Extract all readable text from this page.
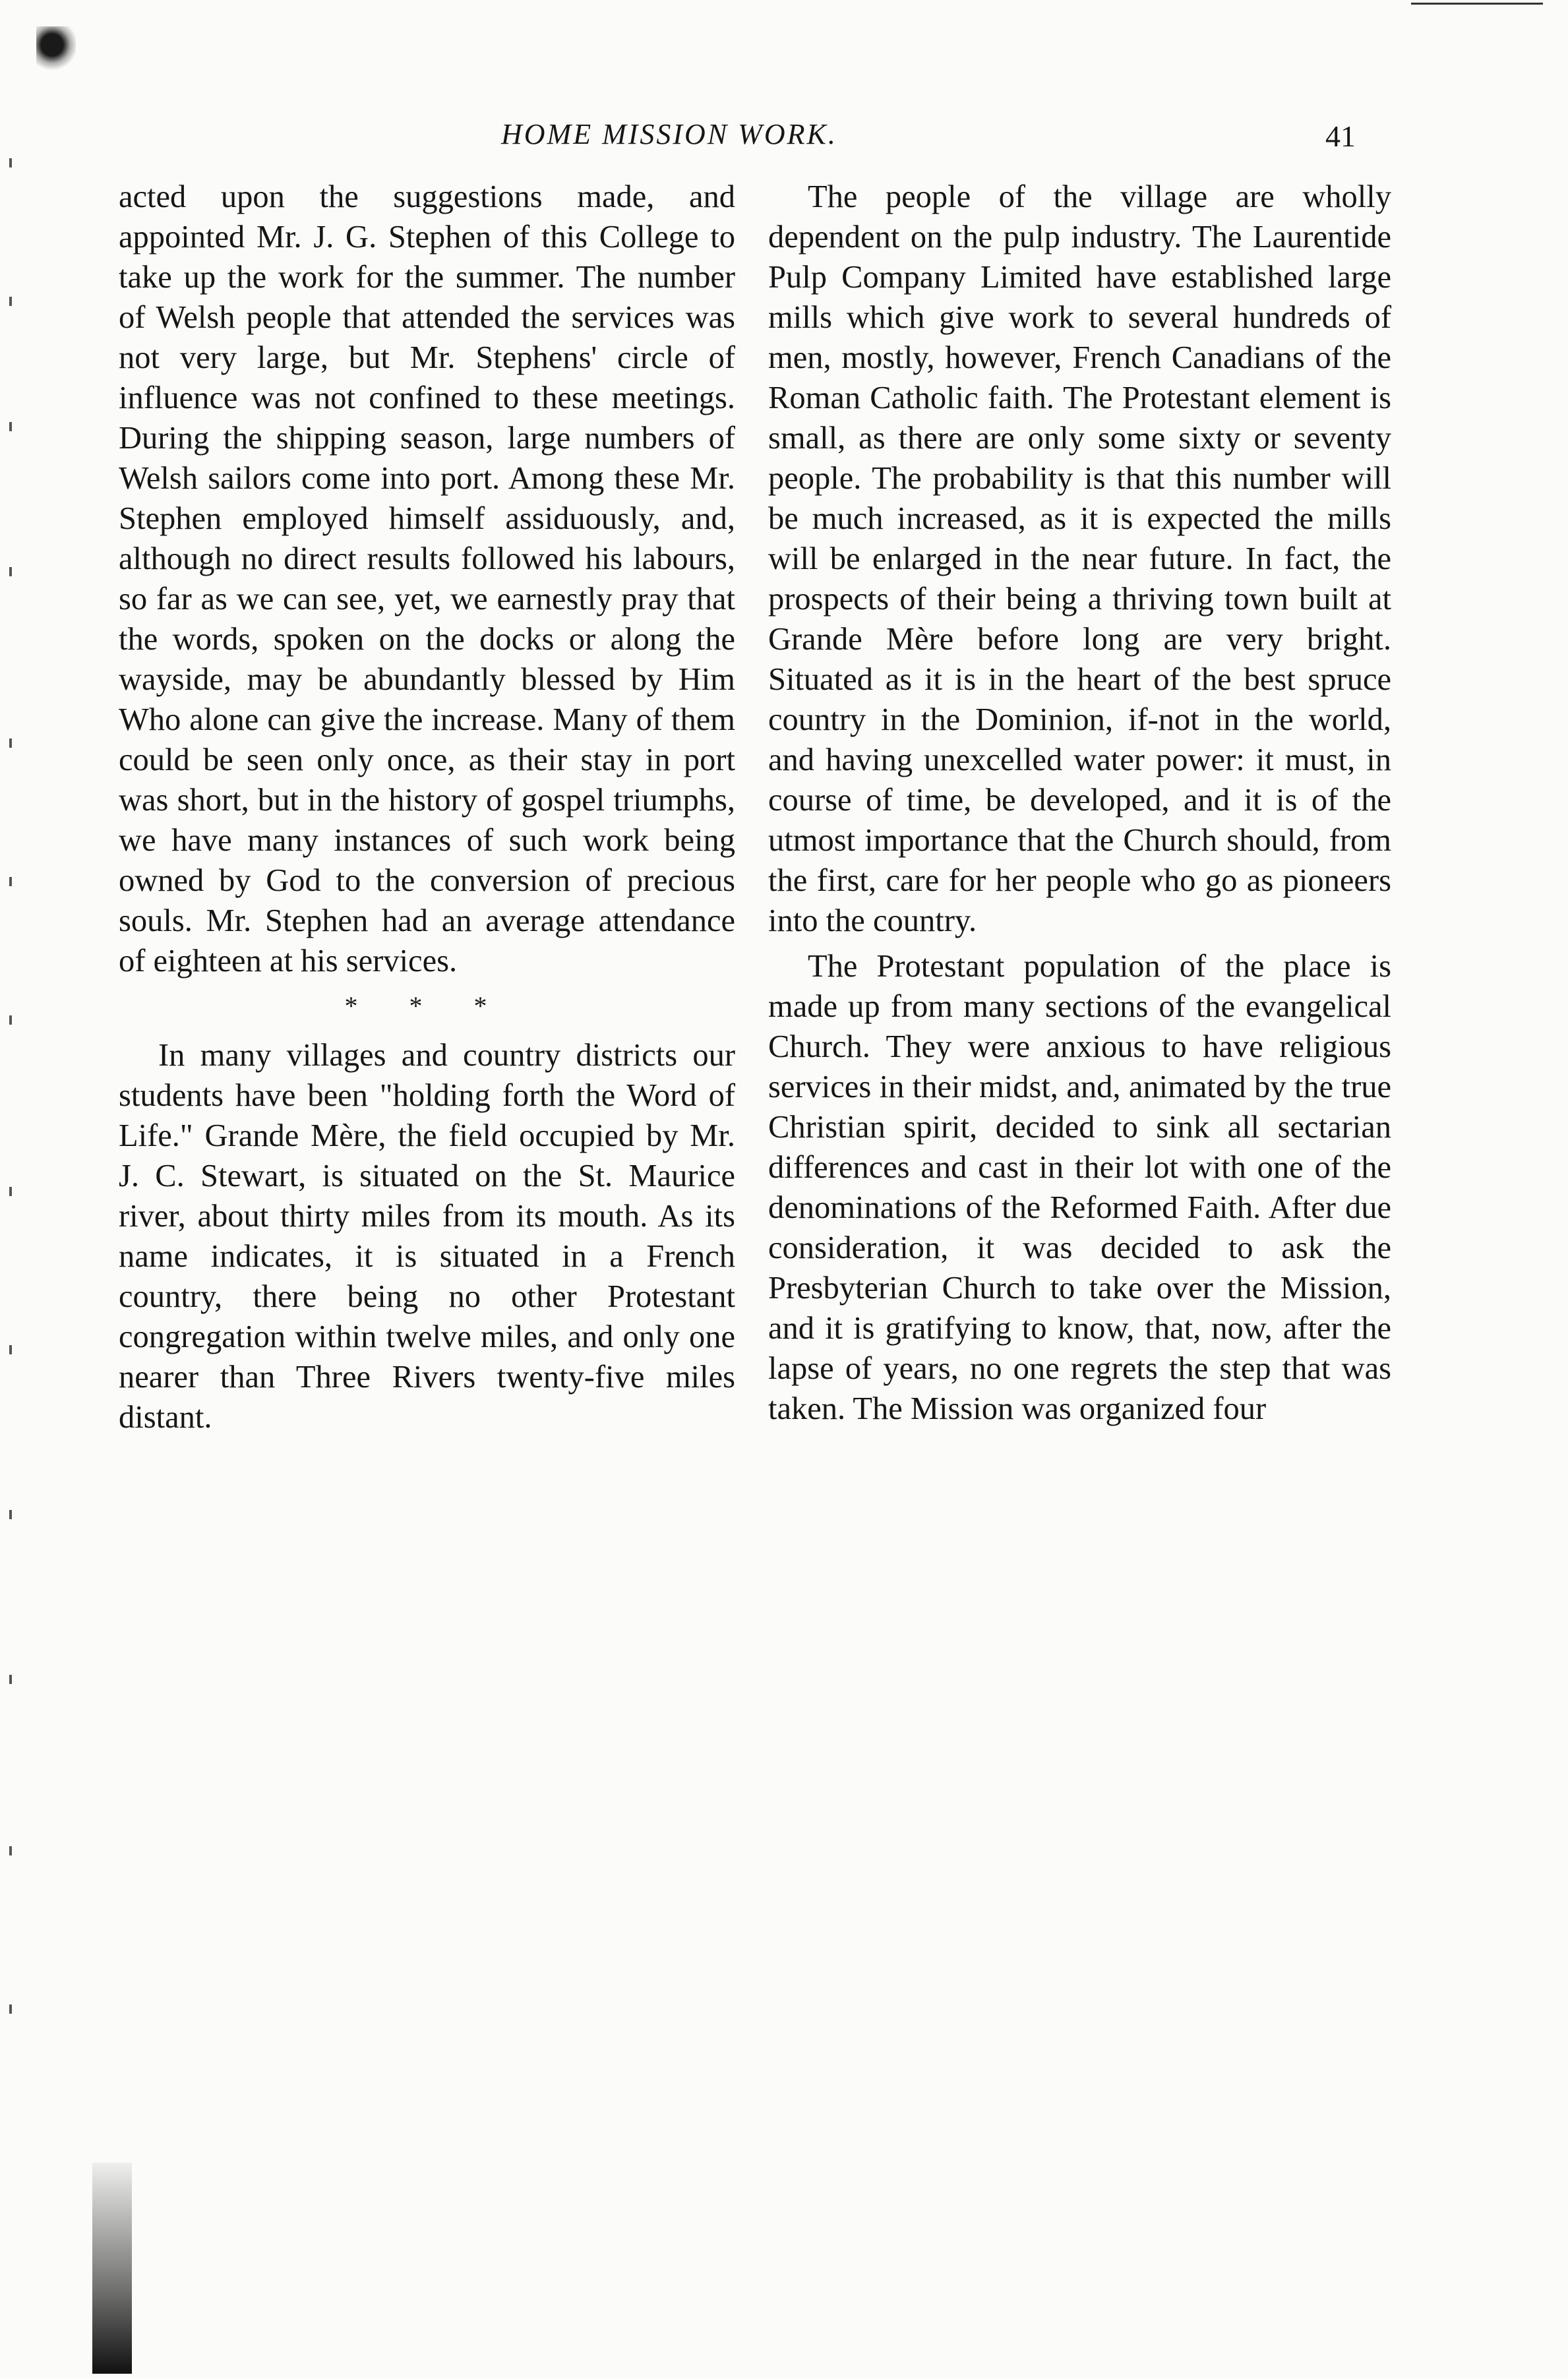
HOME MISSION WORK.	41

acted upon the suggestions made, and appointed Mr. J. G. Stephen of this College to take up the work for the summer. The number of Welsh people that attended the services was not very large, but Mr. Stephens' circle of influence was not confined to these meetings. During the shipping season, large numbers of Welsh sailors come into port. Among these Mr. Stephen employed himself assiduously, and, although no direct results followed his labours, so far as we can see, yet, we earnestly pray that the words, spoken on the docks or along the wayside, may be abundantly blessed by Him Who alone can give the increase. Many of them could be seen only once, as their stay in port was short, but in the history of gospel triumphs, we have many instances of such work being owned by God to the conversion of precious souls. Mr. Stephen had an average attendance of eighteen at his services.

* * *

In many villages and country districts our students have been "holding forth the Word of Life." Grande Mère, the field occupied by Mr. J. C. Stewart, is situated on the St. Maurice river, about thirty miles from its mouth. As its name indicates, it is situated in a French country, there being no other Protestant congregation within twelve miles, and only one nearer than Three Rivers twenty-five miles distant.

The people of the village are wholly dependent on the pulp industry. The Laurentide Pulp Company Limited have established large mills which give work to several hundreds of men, mostly, however, French Canadians of the Roman Catholic faith. The Protestant element is small, as there are only some sixty or seventy people. The probability is that this number will be much increased, as it is expected the mills will be enlarged in the near future. In fact, the prospects of their being a thriving town built at Grande Mère before long are very bright. Situated as it is in the heart of the best spruce country in the Dominion, if-not in the world, and having unexcelled water power: it must, in course of time, be developed, and it is of the utmost importance that the Church should, from the first, care for her people who go as pioneers into the country.

The Protestant population of the place is made up from many sections of the evangelical Church. They were anxious to have religious services in their midst, and, animated by the true Christian spirit, decided to sink all sectarian differences and cast in their lot with one of the denominations of the Reformed Faith. After due consideration, it was decided to ask the Presbyterian Church to take over the Mission, and it is gratifying to know, that, now, after the lapse of years, no one regrets the step that was taken. The Mission was organized four
